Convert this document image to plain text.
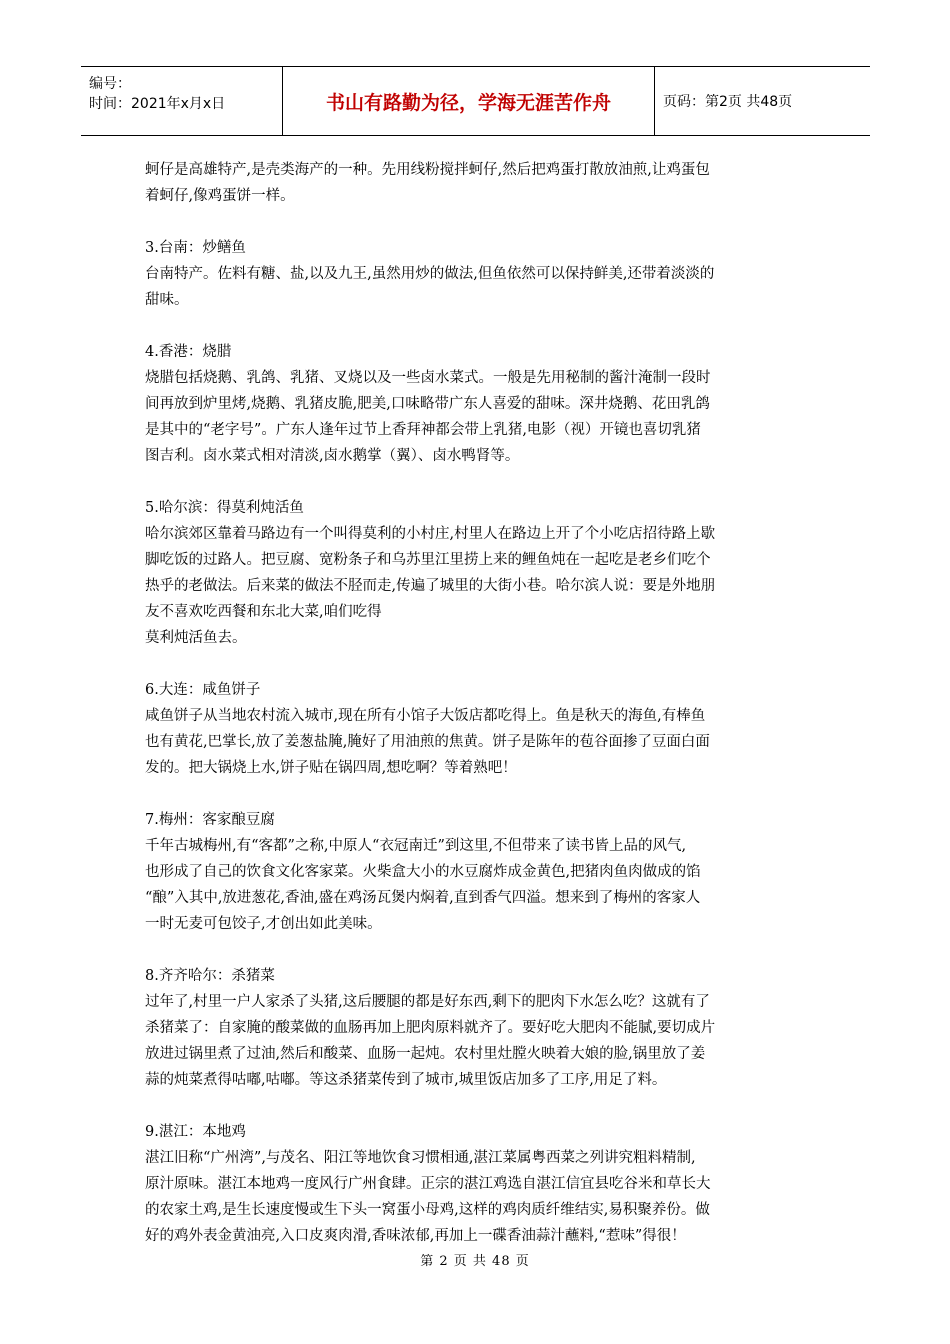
编号：
时间：2021年x月x日	书山有路勤为径，学海无涯苦作舟	页码：第2页 共48页

蚵仔是高雄特产,是壳类海产的一种。先用线粉搅拌蚵仔,然后把鸡蛋打散放油煎,让鸡蛋包

着蚵仔,像鸡蛋饼一样。

3.台南：炒鳝鱼

台南特产。佐料有糖、盐,以及九王,虽然用炒的做法,但鱼依然可以保持鲜美,还带着淡淡的

甜味。

4.香港：烧腊

烧腊包括烧鹅、乳鸽、乳猪、叉烧以及一些卤水菜式。一般是先用秘制的酱汁淹制一段时

间再放到炉里烤,烧鹅、乳猪皮脆,肥美,口味略带广东人喜爱的甜味。深井烧鹅、花田乳鸽

是其中的“老字号”。广东人逢年过节上香拜神都会带上乳猪,电影（视）开镜也喜切乳猪

图吉利。卤水菜式相对清淡,卤水鹅掌（翼）、卤水鸭肾等。

5.哈尔滨：得莫利炖活鱼

哈尔滨郊区靠着马路边有一个叫得莫利的小村庄,村里人在路边上开了个小吃店招待路上歇

脚吃饭的过路人。把豆腐、宽粉条子和乌苏里江里捞上来的鲤鱼炖在一起吃是老乡们吃个

热乎的老做法。后来菜的做法不胫而走,传遍了城里的大街小巷。哈尔滨人说：要是外地朋

友不喜欢吃西餐和东北大菜,咱们吃得

莫利炖活鱼去。

6.大连：咸鱼饼子

咸鱼饼子从当地农村流入城市,现在所有小馆子大饭店都吃得上。鱼是秋天的海鱼,有棒鱼

也有黄花,巴掌长,放了姜葱盐腌,腌好了用油煎的焦黄。饼子是陈年的苞谷面掺了豆面白面

发的。把大锅烧上水,饼子贴在锅四周,想吃啊？等着熟吧！

7.梅州：客家酿豆腐

千年古城梅州,有“客都”之称,中原人“衣冠南迁”到这里,不但带来了读书皆上品的风气,

也形成了自己的饮食文化客家菜。火柴盒大小的水豆腐炸成金黄色,把猪肉鱼肉做成的馅

“酿”入其中,放进葱花,香油,盛在鸡汤瓦煲内焖着,直到香气四溢。想来到了梅州的客家人

一时无麦可包饺子,才创出如此美味。

8.齐齐哈尔：杀猪菜

过年了,村里一户人家杀了头猪,这后腰腿的都是好东西,剩下的肥肉下水怎么吃？这就有了

杀猪菜了：自家腌的酸菜做的血肠再加上肥肉原料就齐了。要好吃大肥肉不能腻,要切成片

放进过锅里煮了过油,然后和酸菜、血肠一起炖。农村里灶膛火映着大娘的脸,锅里放了姜

蒜的炖菜煮得咕嘟,咕嘟。等这杀猪菜传到了城市,城里饭店加多了工序,用足了料。

9.湛江：本地鸡

湛江旧称“广州湾”,与茂名、阳江等地饮食习惯相通,湛江菜属粤西菜之列讲究粗料精制,

原汁原味。湛江本地鸡一度风行广州食肆。正宗的湛江鸡选自湛江信宜县吃谷米和草长大

的农家土鸡,是生长速度慢或生下头一窝蛋小母鸡,这样的鸡肉质纤维结实,易积聚养份。做

好的鸡外表金黄油亮,入口皮爽肉滑,香味浓郁,再加上一碟香油蒜汁蘸料,“惹味”得很！

第 2 页 共 48 页
